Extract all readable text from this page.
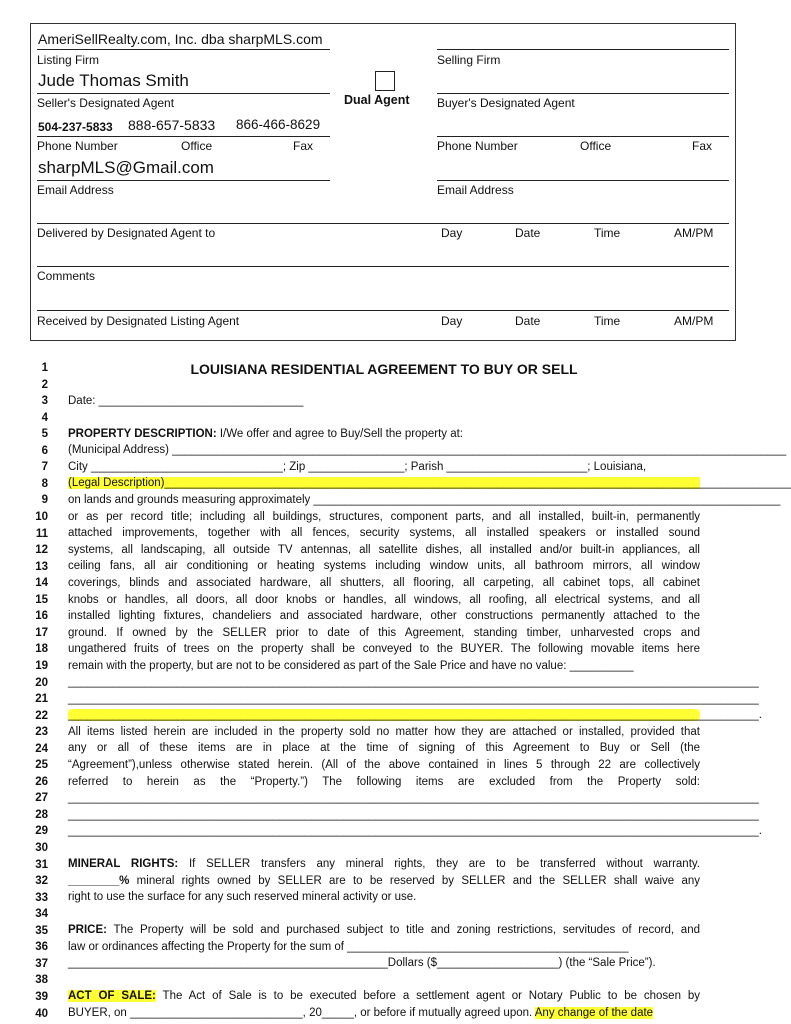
AmeriSellRealty.com, Inc. dba sharpMLS.com
Listing Firm
Jude Thomas Smith
Seller's Designated Agent
504-237-5833 888-657-5833 866-466-8629
Phone Number	Office	Fax
sharpMLS@Gmail.com
Email Address
Dual Agent
Selling Firm
Buyer's Designated Agent
Phone Number	Office	Fax
Email Address
Delivered by Designated Agent to	Day	Date	Time	AM/PM
Comments
Received by Designated Listing Agent	Day	Date	Time	AM/PM
LOUISIANA RESIDENTIAL AGREEMENT TO BUY OR SELL
1
2
3
4
5
6
7
8
9
10
11
12
13
14
15
16
17
18
19
20
21
22
23
24
25
26
27
28
29
30
31
32
33
34
35
36
37
38
39
40
Date: ________________________________
PROPERTY DESCRIPTION: I/We offer and agree to Buy/Sell the property at:
(Municipal Address) ________________________________________________________________________________________________
City ______________________________; Zip _______________; Parish ______________________; Louisiana,
(Legal Description)__________________________________________________________________________________________________
on lands and grounds measuring approximately _________________________________________________________________________
or as per record title; including all buildings, structures, component parts, and all installed, built-in, permanently
attached improvements, together with all fences, security systems, all installed speakers or installed sound
systems, all landscaping, all outside TV antennas, all satellite dishes, all installed and/or built-in appliances, all
ceiling fans, all air conditioning or heating systems including window units, all bathroom mirrors, all window
coverings, blinds and associated hardware, all shutters, all flooring, all carpeting, all cabinet tops, all cabinet
knobs or handles, all doors, all door knobs or handles, all windows, all roofing, all electrical systems, and all
installed lighting fixtures, chandeliers and associated hardware, other constructions permanently attached to the
ground. If owned by the SELLER prior to date of this Agreement, standing timber, unharvested crops and
ungathered fruits of trees on the property shall be conveyed to the BUYER. The following movable items here
remain with the property, but are not to be considered as part of the Sale Price and have no value: __________
____________________________________________________________________________________________________________
____________________________________________________________________________________________________________
____________________________________________________________________________________________________________.
All items listed herein are included in the property sold no matter how they are attached or installed, provided that
any or all of these items are in place at the time of signing of this Agreement to Buy or Sell (the
“Agreement”),unless otherwise stated herein. (All of the above contained in lines 5 through 22 are collectively
referred to herein as the “Property.”) The following items are excluded from the Property sold:
____________________________________________________________________________________________________________
____________________________________________________________________________________________________________
____________________________________________________________________________________________________________.
MINERAL RIGHTS: If SELLER transfers any mineral rights, they are to be transferred without warranty.
________% mineral rights owned by SELLER are to be reserved by SELLER and the SELLER shall waive any
right to use the surface for any such reserved mineral activity or use.
PRICE: The Property will be sold and purchased subject to title and zoning restrictions, servitudes of record, and
law or ordinances affecting the Property for the sum of ____________________________________________
__________________________________________________Dollars ($___________________) (the “Sale Price”).
ACT OF SALE: The Act of Sale is to be executed before a settlement agent or Notary Public to be chosen by
BUYER, on ___________________________, 20_____, or before if mutually agreed upon. Any change of the date
